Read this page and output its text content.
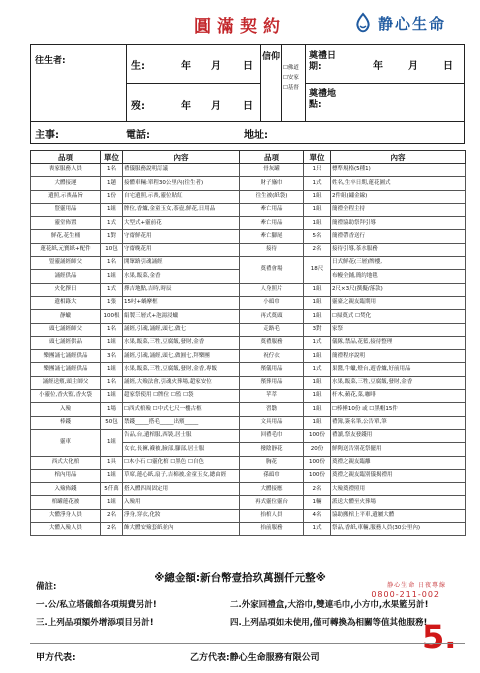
圓滿契約	静心生命
往生者:	生:	年 月 日
歿:	年 月 日
信仰
☐佛道
☐安家
☐基督
奠禮日期:	年	月	日
奠禮地點:
主事:	電話:	地址:
品項	單位	內容	品項	單位	內容
喪家服務人員	1名	禮儀服務說明訂議	骨灰罐	1只	標準規格(5種1)
大體接運	1趟	接體車輛:單程30公里內(往生者)	財子旛巾	1式	姓名,生卒日期,蓮花圖式
遺照,示喪晶旨	1份	自宅遺照,示喪,靈位貼紅	往生被(紙袋)	1組	2件組(繡金線)
豎靈用品	1組	牌位,香爐,金童玉女,茶壺,鮮花,日用品	牽亡用品	1組	簡禮全程主持
靈堂佈置	1式	大型式+靈前花	牽亡用品	1組	簡禮協助祭拜引導
鮮花,花生桶	1對	守齋鮮花用	牽亡腳尾	5名	簡禮帶香送行
蓮花紙,元寶紙+配件	10包	守齋晚花用	接待	2名	接待引導,茶水服務
豎靈誦經師父	1名	開眾路引魂誦經	奠禮會場	18尺	日式鮮花(三層)牌樓,
誦經供品	1組	水果,飯菜,金香			布幔全鋪,簡約地毯
火化擇日	1式	擇吉地點,吉時,時辰	人身照片	1組	2尺×3尺(撰擬/落款)
遺相錄大	1張	15吋+蝸摩框	小頭巾	1組	靈臺之親友臨期用
靜蠟	100根	絹製三層式+泡湯浸蠟	再式奠頭	1組	☐掃奠式 ☐焚化
頭七誦經師父	1名	誦經,引魂,誦經,頭七,做七	走路毛	3對	家祭
頭七誦經供品	1組	水果,飯菜,三牲,豆腐飯,發財,金香	奠禮服務	1式	儀隊,禁品,花籃,接待整理
樂團誦七誦經供品	3名	誦經,引魂,誦經,頭七,做圓七,拜樂團	祝佇衣	1組	簡禮程序說明
樂團誦七誦經供品	1組	水果,飯菜,三牲,豆腐飯,發財,金香,專飯	殯儀用品	1式	果醬,牛蠟,燈台,遊香爐,好前用品
誦經送殯,頭主師父	1名	誦經,大殮法會,引魂火葬場,超家安位	殯葬用品	1組	水果,飯菜,三牲,豆腐飯,發財,金香
小靈位,香火監,香火袋	1組	超家祭使用 ☐牌位 ☐監 ☐袋	苹萃	1組	杆木,蘋花,菜,咖啡
入殮	1場	☐西式棺殮 ☐中式七尺一樓古柩	習翳	1組	☐棒捶10份 或 ☐黑帽15件
棒錢	50包	禁錢_____搭毛_____出殯_____	文具用品	1組	禮簿,簽名筆,公告單,筆
靈車	1組	告品,台,遺棺服,西裝,居士服	回禮毛巾	100份	禮讀,祭友發錢用
		女衣,長褲,襪被,臉部,腳部,居士服	撥陰靜花	20份	鮮陶送告別花祭擺用
西式大化棺	1具	☐木小石 ☐靈化棺 ☐黑色 ☐自色	胸花	100份	奠禮之親友臨離
棺內用品	1組	草席,蓮心紙,扇子,吉棉被,金童玉女,總由經	孫頭巾	100份	奠禮之親友臨別儀揭禮用
入殮佈錢	5仟萬	搭入體四周固定用	大體接應	2名	大殮奠禮照用
棺罐蓮花被	1組	入殮用	再式靈位靈台	1輛	派送大體至火葬場
大體淨身人員	2名	淨身,穿衣,化妝	抬棺人員	4名	協助搬棺上平車,遺屬大體
大體入殮人員	2名	飾大體安殮套紙並內	抬前服務	1式	祭品,香紙,車輛,服務人員(30公里內)
※總金額:新台幣壹拾玖萬捌仟元整※
静心生命 日夜專線
0800-211-002
備註:
一.公/私立塔儀館各項規費另計!	二.外家回禮盒,大浴巾,雙連毛巾,小方巾,水果籃另計!
三.上列品項額外增添項目另計!	四.上列品項如未使用,僅可轉換為相關等值其他服務!
5.
甲方代表:	乙方代表:静心生命服務有限公司
